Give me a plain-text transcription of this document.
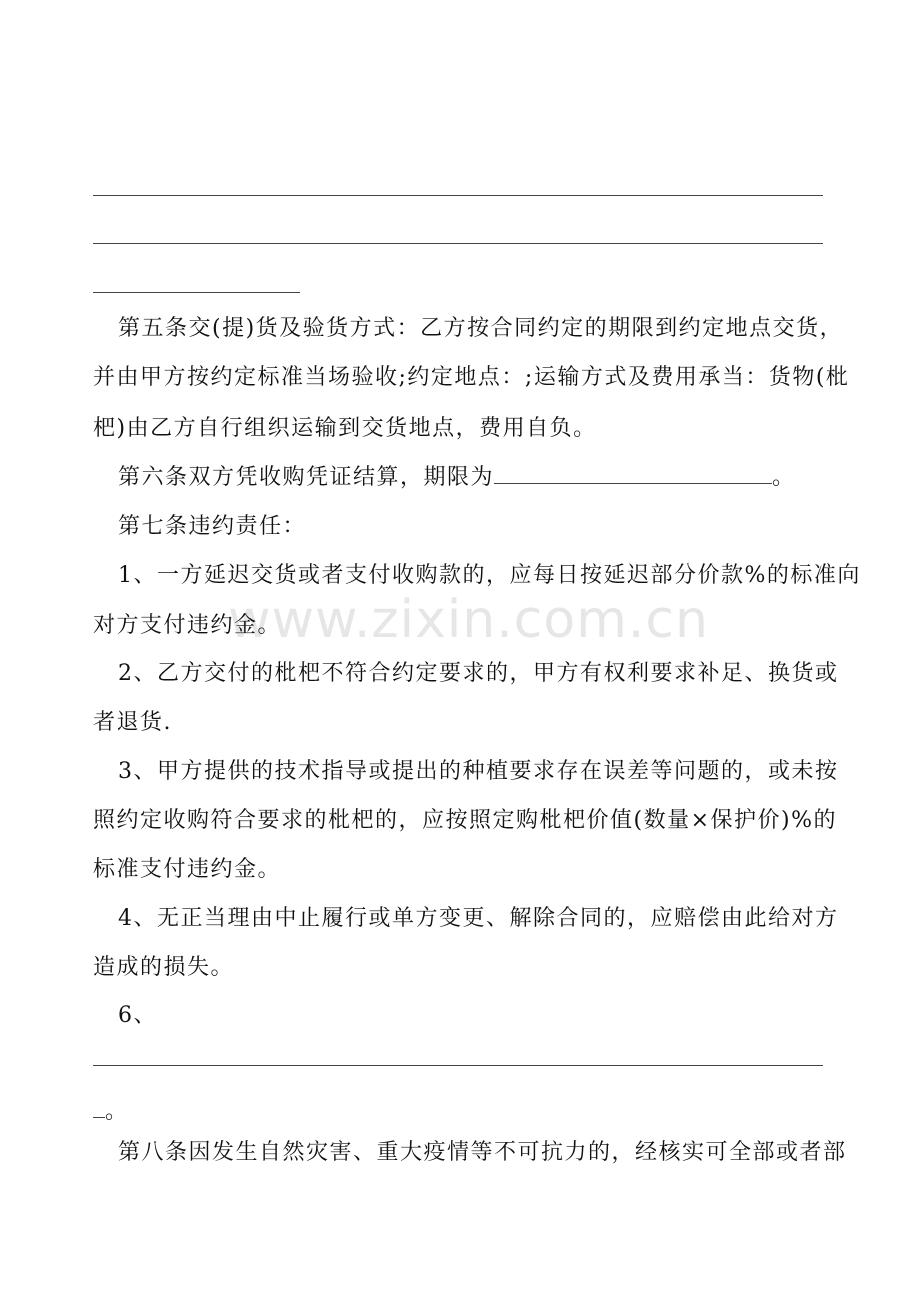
www.zixin.com.cn
第五条交(提)货及验货方式：乙方按合同约定的期限到约定地点交货，
并由甲方按约定标准当场验收;约定地点：;运输方式及费用承当：货物(枇
杷)由乙方自行组织运输到交货地点，费用自负。
第六条双方凭收购凭证结算，期限为	。
第七条违约责任：
1、一方延迟交货或者支付收购款的，应每日按延迟部分价款%的标准向
对方支付违约金。
2、乙方交付的枇杷不符合约定要求的，甲方有权利要求补足、换货或
者退货.
3、甲方提供的技术指导或提出的种植要求存在误差等问题的，或未按
照约定收购符合要求的枇杷的，应按照定购枇杷价值(数量×保护价)%的
标准支付违约金。
4、无正当理由中止履行或单方变更、解除合同的，应赔偿由此给对方
造成的损失。
6、
。
第八条因发生自然灾害、重大疫情等不可抗力的，经核实可全部或者部
